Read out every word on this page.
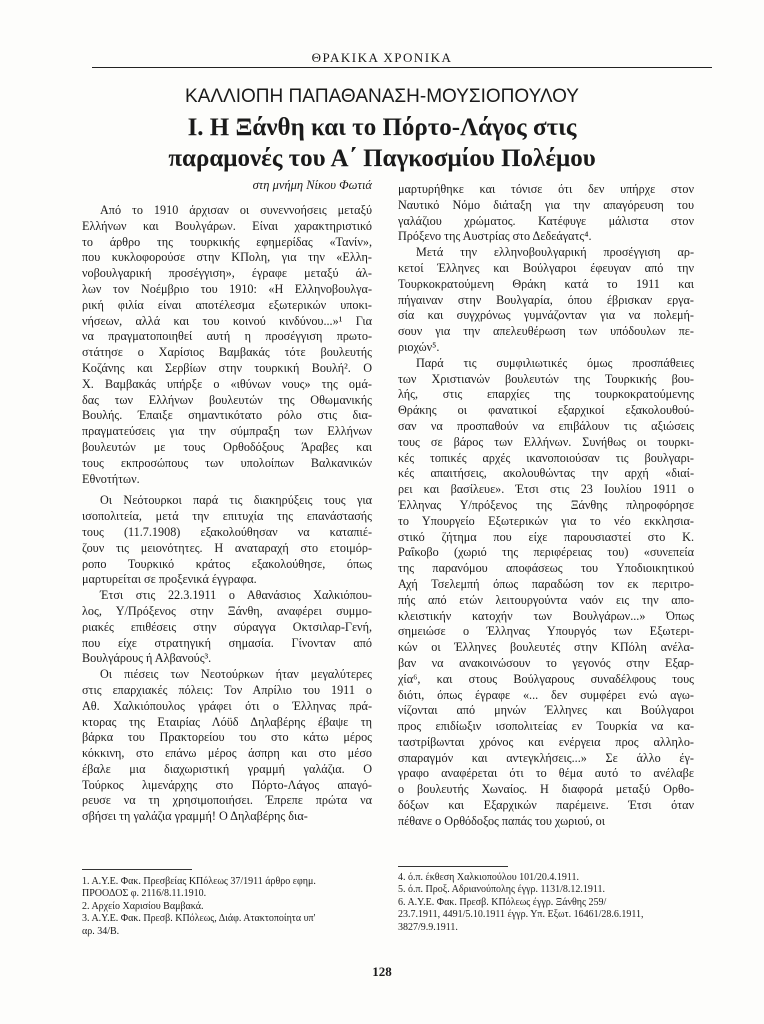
ΘΡΑΚΙΚΑ ΧΡΟΝΙΚΑ
ΚΑΛΛΙΟΠΗ ΠΑΠΑΘΑΝΑΣΗ-ΜΟΥΣΙΟΠΟΥΛΟΥ
Ι. Η Ξάνθη και το Πόρτο-Λάγος στις
παραμονές του Α΄ Παγκοσμίου Πολέμου
στη μνήμη Νίκου Φωτιά
Από το 1910 άρχισαν οι συνεννοήσεις μεταξύ
Ελλήνων και Βουλγάρων. Είναι χαρακτηριστικό
το άρθρο της τουρκικής εφημερίδας «Τανίν»,
που κυκλοφορούσε στην ΚΠολη, για την «Ελλη-
νοβουλγαρική προσέγγιση», έγραφε μεταξύ άλ-
λων τον Νοέμβριο του 1910: «Η Ελληνοβουλγα-
ρική φιλία είναι αποτέλεσμα εξωτερικών υποκι-
νήσεων, αλλά και του κοινού κινδύνου...»¹ Για
να πραγματοποιηθεί αυτή η προσέγγιση πρωτο-
στάτησε ο Χαρίσιος Βαμβακάς τότε βουλευτής
Κοζάνης και Σερβίων στην τουρκική Βουλή². Ο
Χ. Βαμβακάς υπήρξε ο «ιθύνων νους» της ομά-
δας των Ελλήνων βουλευτών της Οθωμανικής
Βουλής. Έπαιξε σημαντικότατο ρόλο στις δια-
πραγματεύσεις για την σύμπραξη των Ελλήνων
βουλευτών με τους Ορθοδόξους Άραβες και
τους εκπροσώπους των υπολοίπων Βαλκανικών
Εθνοτήτων.
Οι Νεότουρκοι παρά τις διακηρύξεις τους για
ισοπολιτεία, μετά την επιτυχία της επανάστασής
τους (11.7.1908) εξακολούθησαν να καταπιέ-
ζουν τις μειονότητες. Η αναταραχή στο ετοιμόρ-
ροπο Τουρκικό κράτος εξακολούθησε, όπως
μαρτυρείται σε προξενικά έγγραφα.
Έτσι στις 22.3.1911 ο Αθανάσιος Χαλκιόπου-
λος, Υ/Πρόξενος στην Ξάνθη, αναφέρει συμμο-
ριακές επιθέσεις στην σύραγγα Οκτσιλαρ-Γενή,
που είχε στρατηγική σημασία. Γίνονταν από
Βουλγάρους ή Αλβανούς³.
Οι πιέσεις των Νεοτούρκων ήταν μεγαλύτερες
στις επαρχιακές πόλεις: Τον Απρίλιο του 1911 ο
Αθ. Χαλκιόπουλος γράφει ότι ο Έλληνας πρά-
κτορας της Εταιρίας Λόϋδ Δηλαβέρης έβαψε τη
βάρκα του Πρακτορείου του στο κάτω μέρος
κόκκινη, στο επάνω μέρος άσπρη και στο μέσο
έβαλε μια διαχωριστική γραμμή γαλάζια. Ο
Τούρκος λιμενάρχης στο Πόρτο-Λάγος απαγό-
ρευσε να τη χρησιμοποιήσει. Έπρεπε πρώτα να
σβήσει τη γαλάζια γραμμή! Ο Δηλαβέρης δια-
μαρτυρήθηκε και τόνισε ότι δεν υπήρχε στον
Ναυτικό Νόμο διάταξη για την απαγόρευση του
γαλάζιου χρώματος. Κατέφυγε μάλιστα στον
Πρόξενο της Αυστρίας στο Δεδεάγατς⁴.
Μετά την ελληνοβουλγαρική προσέγγιση αρ-
κετοί Έλληνες και Βούλγαροι έφευγαν από την
Τουρκοκρατούμενη Θράκη κατά το 1911 και
πήγαιναν στην Βουλγαρία, όπου έβρισκαν εργα-
σία και συγχρόνως γυμνάζονταν για να πολεμή-
σουν για την απελευθέρωση των υπόδουλων πε-
ριοχών⁵.
Παρά τις συμφιλιωτικές όμως προσπάθειες
των Χριστιανών βουλευτών της Τουρκικής βου-
λής, στις επαρχίες της τουρκοκρατούμενης
Θράκης οι φανατικοί εξαρχικοί εξακολουθού-
σαν να προσπαθούν να επιβάλουν τις αξιώσεις
τους σε βάρος των Ελλήνων. Συνήθως οι τουρκι-
κές τοπικές αρχές ικανοποιούσαν τις βουλγαρι-
κές απαιτήσεις, ακολουθώντας την αρχή «διαί-
ρει και βασίλευε». Έτσι στις 23 Ιουλίου 1911 ο
Έλληνας Υ/πρόξενος της Ξάνθης πληροφόρησε
το Υπουργείο Εξωτερικών για το νέο εκκλησια-
στικό ζήτημα που είχε παρουσιαστεί στο Κ.
Ραΐκοβο (χωριό της περιφέρειας του) «συνεπεία
της παρανόμου αποφάσεως του Υποδιοικητικού
Αχή Τσελεμπή όπως παραδώση τον εκ περιτρο-
πής από ετών λειτουργούντα ναόν εις την απο-
κλειστικήν κατοχήν των Βουλγάρων...» Όπως
σημειώσε ο Έλληνας Υπουργός των Εξωτερι-
κών οι Έλληνες βουλευτές στην ΚΠόλη ανέλα-
βαν να ανακοινώσουν το γεγονός στην Εξαρ-
χία⁶, και στους Βούλγαρους συναδέλφους τους
διότι, όπως έγραφε «... δεν συμφέρει ενώ αγω-
νίζονται από μηνών Έλληνες και Βούλγαροι
προς επιδίωξιν ισοπολιτείας εν Τουρκία να κα-
ταστρίβωνται χρόνος και ενέργεια προς αλληλο-
σπαραγμόν και αντεγκλήσεις...» Σε άλλο έγ-
γραφο αναφέρεται ότι το θέμα αυτό το ανέλαβε
ο βουλευτής Χωναίος. Η διαφορά μεταξύ Ορθο-
δόξων και Εξαρχικών παρέμεινε. Έτσι όταν
πέθανε ο Ορθόδοξος παπάς του χωριού, οι
1. Α.Υ.Ε. Φακ. Πρεσβείας ΚΠόλεως 37/1911 άρθρο εφημ.
ΠΡΟΟΔΟΣ φ. 2116/8.11.1910.
2. Αρχείο Χαρισίου Βαμβακά.
3. Α.Υ.Ε. Φακ. Πρεσβ. ΚΠόλεως, Διάφ. Ατακτοποίητα υπ'
αρ. 34/Β.
4. ό.π. έκθεση Χαλκιοπούλου 101/20.4.1911.
5. ό.π. Προξ. Αδριανούπολης έγγρ. 1131/8.12.1911.
6. Α.Υ.Ε. Φακ. Πρεσβ. ΚΠόλεως έγγρ. Ξάνθης 259/
23.7.1911, 4491/5.10.1911 έγγρ. Υπ. Εξωτ. 16461/28.6.1911,
3827/9.9.1911.
128
